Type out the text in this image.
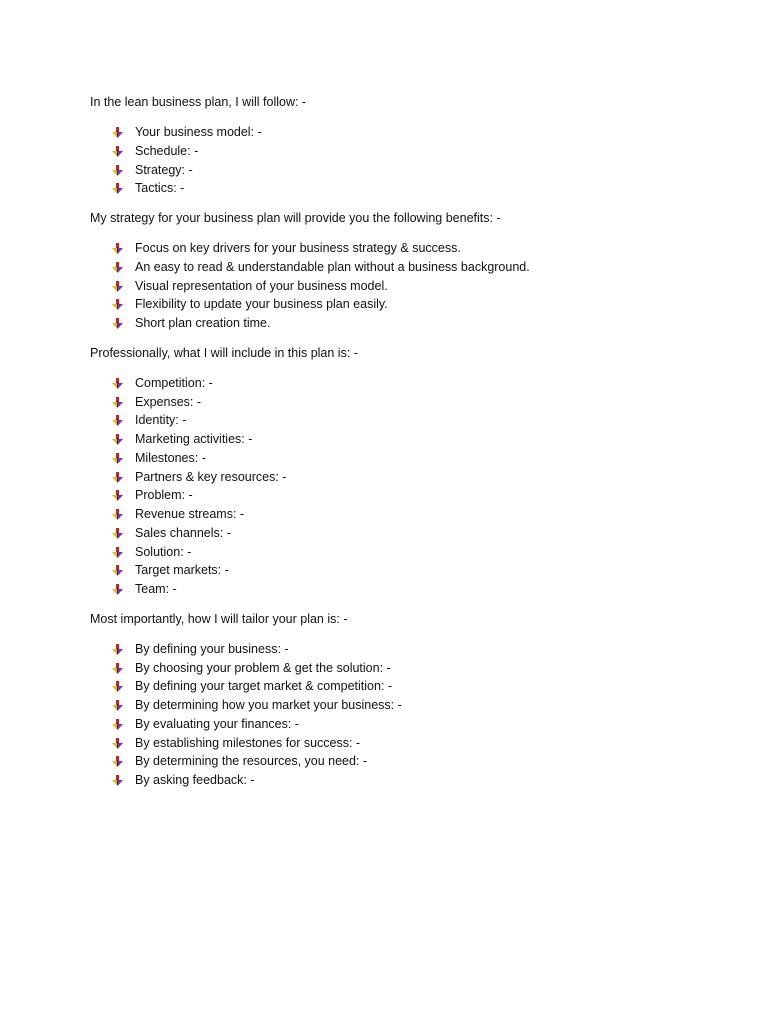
In the lean business plan, I will follow: -

Your business model: -
Schedule: -
Strategy: -
Tactics: -

My strategy for your business plan will provide you the following benefits: -

Focus on key drivers for your business strategy & success.
An easy to read & understandable plan without a business background.
Visual representation of your business model.
Flexibility to update your business plan easily.
Short plan creation time.

Professionally, what I will include in this plan is: -

Competition: -
Expenses: -
Identity: -
Marketing activities: -
Milestones: -
Partners & key resources: -
Problem: -
Revenue streams: -
Sales channels: -
Solution: -
Target markets: -
Team: -

Most importantly, how I will tailor your plan is: -

By defining your business: -
By choosing your problem & get the solution: -
By defining your target market & competition: -
By determining how you market your business: -
By evaluating your finances: -
By establishing milestones for success: -
By determining the resources, you need: -
By asking feedback: -
